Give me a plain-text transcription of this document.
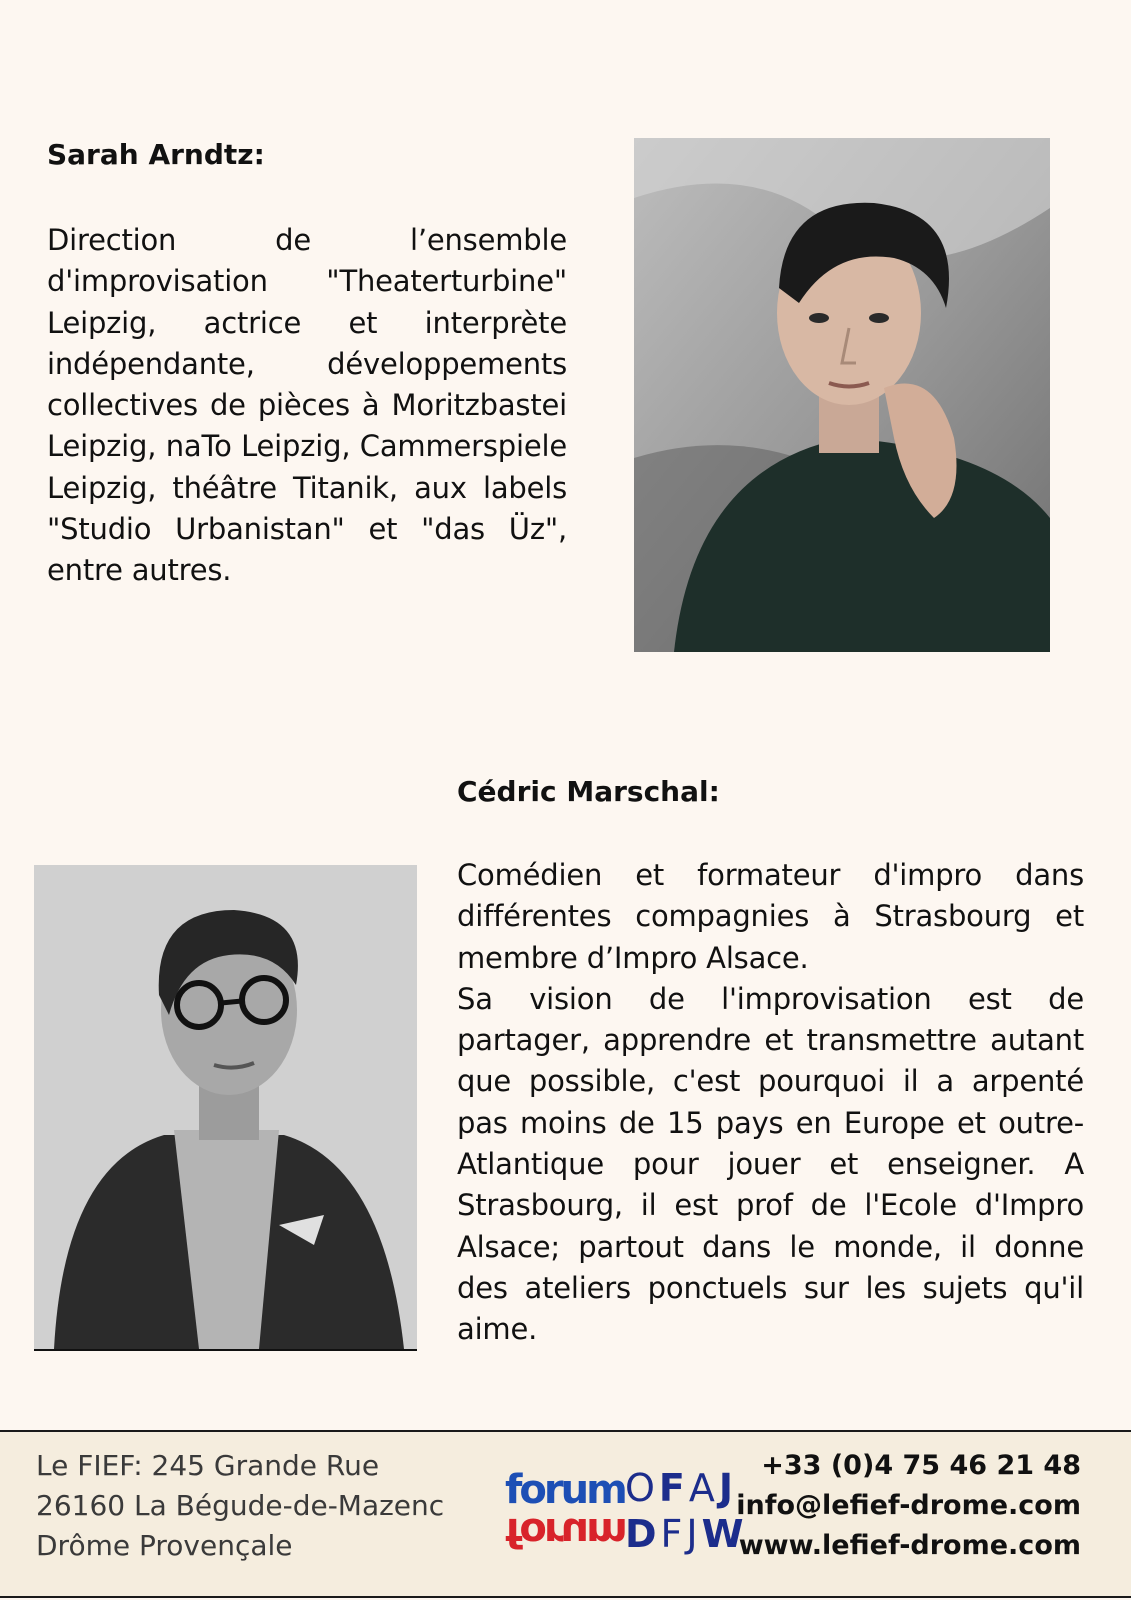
Sarah Arndtz:

Direction de l’ensemble d'improvisation "Theaterturbine" Leipzig, actrice et interprète indépendante, développements collectives de pièces à Moritzbastei Leipzig, naTo Leipzig, Cammerspiele Leipzig, théâtre Titanik, aux labels "Studio Urbanistan" et "das Üz", entre autres.

Cédric Marschal:

Comédien et formateur d'impro dans différentes compagnies à Strasbourg et membre d’Impro Alsace.

Sa vision de l'improvisation est de partager, apprendre et transmettre autant que possible, c'est pourquoi il a arpenté pas moins de 15 pays en Europe et outre-Atlantique pour jouer et enseigner. A Strasbourg, il est prof de l'Ecole d'Impro Alsace; partout dans le monde, il donne des ateliers ponctuels sur les sujets qu'il aime.

Le FIEF: 245 Grande Rue
26160 La Bégude-de-Mazenc
Drôme Provençale
forum
forum
OFAJ
DFJW
+33 (0)4 75 46 21 48
info@lefief-drome.com
www.lefief-drome.com
